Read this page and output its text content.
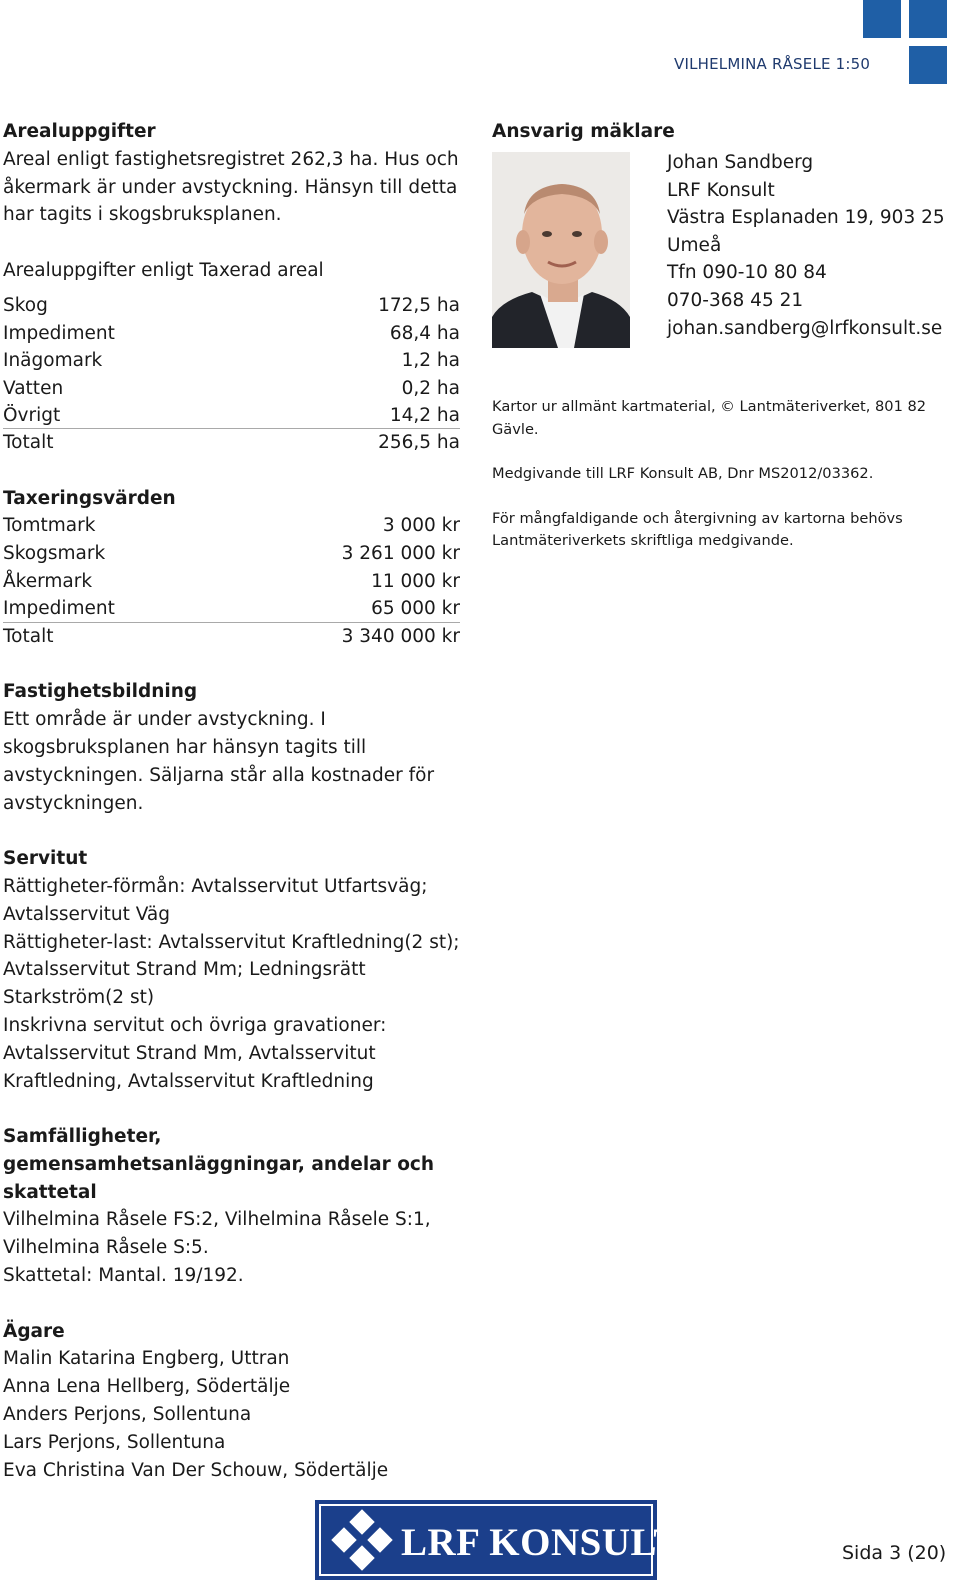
VILHELMINA RÅSELE 1:50

Arealuppgifter

Areal enligt fastighetsregistret 262,3 ha. Hus och åkermark är under avstyckning. Hänsyn till detta har tagits i skogsbruksplanen.

Arealuppgifter enligt Taxerad areal

Skog	172,5 ha
Impediment	68,4 ha
Inägomark	1,2 ha
Vatten	0,2 ha
Övrigt	14,2 ha
Totalt	256,5 ha

Taxeringsvärden

Tomtmark	3 000 kr
Skogsmark	3 261 000 kr
Åkermark	11 000 kr
Impediment	65 000 kr
Totalt	3 340 000 kr

Fastighetsbildning

Ett område är under avstyckning. I skogsbruksplanen har hänsyn tagits till avstyckningen. Säljarna står alla kostnader för avstyckningen.

Servitut

Rättigheter-förmån: Avtalsservitut Utfartsväg; Avtalsservitut Väg

Rättigheter-last: Avtalsservitut Kraftledning(2 st); Avtalsservitut Strand Mm; Ledningsrätt Starkström(2 st)

Inskrivna servitut och övriga gravationer: Avtalsservitut Strand Mm, Avtalsservitut Kraftledning, Avtalsservitut Kraftledning

Samfälligheter, gemensamhetsanläggningar, andelar och skattetal

Vilhelmina Råsele FS:2, Vilhelmina Råsele S:1, Vilhelmina Råsele S:5.

Skattetal: Mantal. 19/192.

Ägare

Malin Katarina Engberg, Uttran

Anna Lena Hellberg, Södertälje

Anders Perjons, Sollentuna

Lars Perjons, Sollentuna

Eva Christina Van Der Schouw, Södertälje

Ansvarig mäklare
Johan Sandberg
LRF Konsult
Västra Esplanaden 19, 903 25
Umeå
Tfn 090-10 80 84
070-368 45 21
johan.sandberg@lrfkonsult.se

Kartor ur allmänt kartmaterial, © Lantmäteriverket, 801 82 Gävle.

Medgivande till LRF Konsult AB, Dnr MS2012/03362.

För mångfaldigande och återgivning av kartorna behövs Lantmäteriverkets skriftliga medgivande.

LRF KONSULT	Sida 3 (20)
